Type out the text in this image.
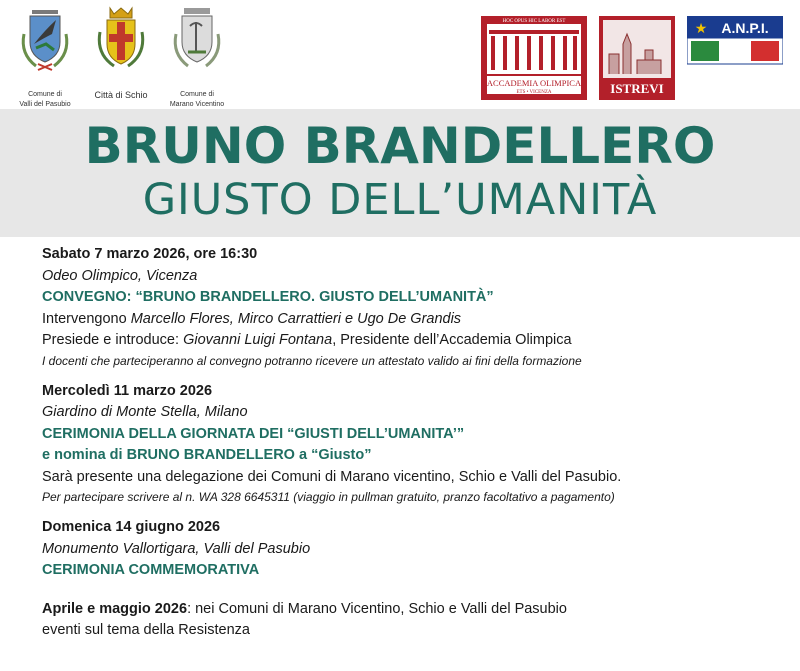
Comune di
Valli del Pasubio
Città di Schio	Comune di
Marano Vicentino
HOC OPUS HIC LABOR EST
ACCADEMIA OLIMPICA
ETS • VICENZA	ISTREVI
★ A.N.P.I.
BRUNO BRANDELLERO
GIUSTO DELL’UMANITÀ

Sabato 7 marzo 2026, ore 16:30

Odeo Olimpico, Vicenza

CONVEGNO: “BRUNO BRANDELLERO. GIUSTO DELL’UMANITÀ”

Intervengono Marcello Flores, Mirco Carrattieri e Ugo De Grandis

Presiede e introduce: Giovanni Luigi Fontana, Presidente dell’Accademia Olimpica

I docenti che parteciperanno al convegno potranno ricevere un attestato valido ai fini della formazione

Mercoledì 11 marzo 2026

Giardino di Monte Stella, Milano

CERIMONIA DELLA GIORNATA DEI “GIUSTI DELL’UMANITA’”

e nomina di BRUNO BRANDELLERO a “Giusto”

Sarà presente una delegazione dei Comuni di Marano vicentino, Schio e Valli del Pasubio.

Per partecipare scrivere al n. WA 328 6645311 (viaggio in pullman gratuito, pranzo facoltativo a pagamento)

Domenica 14 giugno 2026

Monumento Vallortigara, Valli del Pasubio

CERIMONIA COMMEMORATIVA

Aprile e maggio 2026: nei Comuni di Marano Vicentino, Schio e Valli del Pasubio

eventi sul tema della Resistenza
